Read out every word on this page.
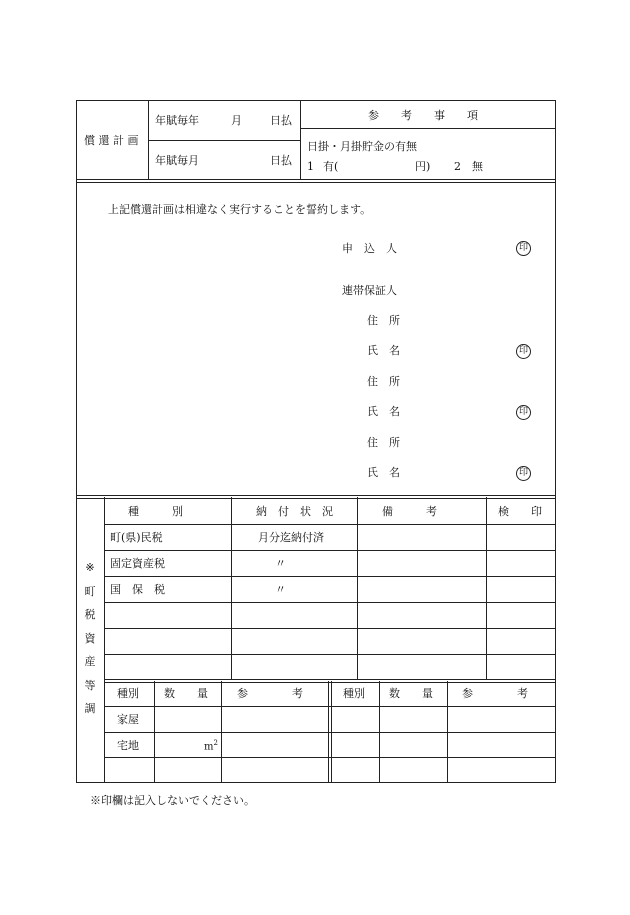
償 還 計 画
年賦毎年	月	日払
年賦毎月	日払
参　　考　　事　　項
日掛・月掛貯金の有無
1 有(	円) 2 無
上記償還計画は相違なく実行することを誓約します。
申　込　人	印
連帯保証人
住　所
氏　名	印
住　所
氏　名	印
住　所
氏　名	印
※
町
税
資
産
等
調
種　　　別	納　付　状　況	備　　　考	検　　印
町(県)民税	月分迄納付済
固定資産税	〃
国　保　税	〃
種別 数　　量	参　　　　考	種別 数　　量	参　　　　考
家屋
宅地	$m^2$
※印欄は記入しないでください。
